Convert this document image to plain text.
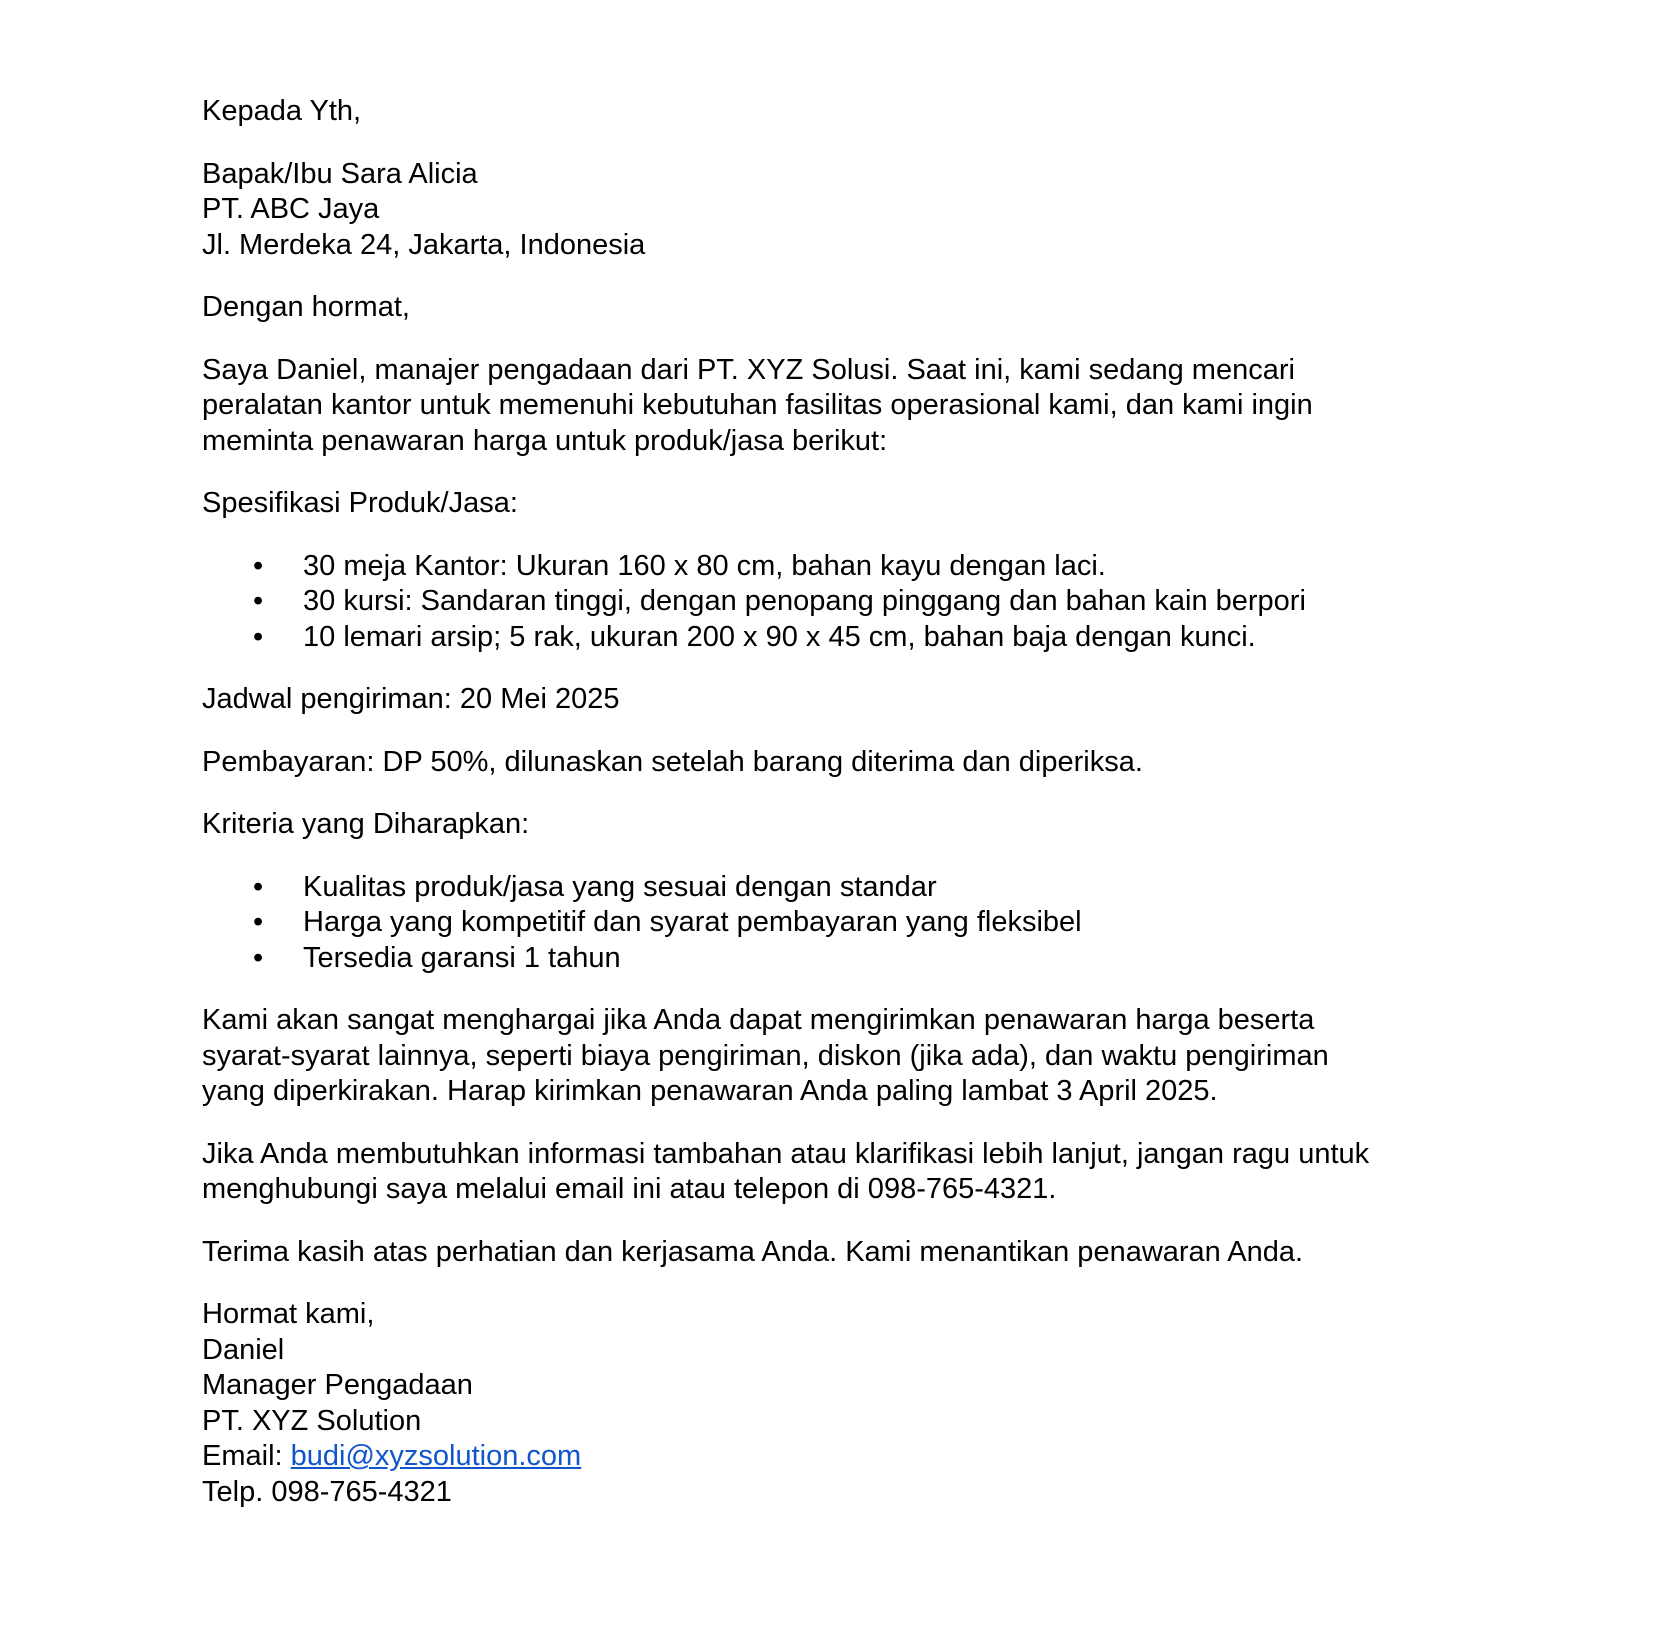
Kepada Yth,
Bapak/Ibu Sara Alicia
PT. ABC Jaya
Jl. Merdeka 24, Jakarta, Indonesia
Dengan hormat,
Saya Daniel, manajer pengadaan dari PT. XYZ Solusi. Saat ini, kami sedang mencari
peralatan kantor untuk memenuhi kebutuhan fasilitas operasional kami, dan kami ingin
meminta penawaran harga untuk produk/jasa berikut:
Spesifikasi Produk/Jasa:
• 30 meja Kantor: Ukuran 160 x 80 cm, bahan kayu dengan laci.
• 30 kursi: Sandaran tinggi, dengan penopang pinggang dan bahan kain berpori
• 10 lemari arsip; 5 rak, ukuran 200 x 90 x 45 cm, bahan baja dengan kunci.
Jadwal pengiriman: 20 Mei 2025
Pembayaran: DP 50%, dilunaskan setelah barang diterima dan diperiksa.
Kriteria yang Diharapkan:
• Kualitas produk/jasa yang sesuai dengan standar
• Harga yang kompetitif dan syarat pembayaran yang fleksibel
• Tersedia garansi 1 tahun
Kami akan sangat menghargai jika Anda dapat mengirimkan penawaran harga beserta
syarat-syarat lainnya, seperti biaya pengiriman, diskon (jika ada), dan waktu pengiriman
yang diperkirakan. Harap kirimkan penawaran Anda paling lambat 3 April 2025.
Jika Anda membutuhkan informasi tambahan atau klarifikasi lebih lanjut, jangan ragu untuk
menghubungi saya melalui email ini atau telepon di 098-765-4321.
Terima kasih atas perhatian dan kerjasama Anda. Kami menantikan penawaran Anda.
Hormat kami,
Daniel
Manager Pengadaan
PT. XYZ Solution
Email: budi@xyzsolution.com
Telp. 098-765-4321
